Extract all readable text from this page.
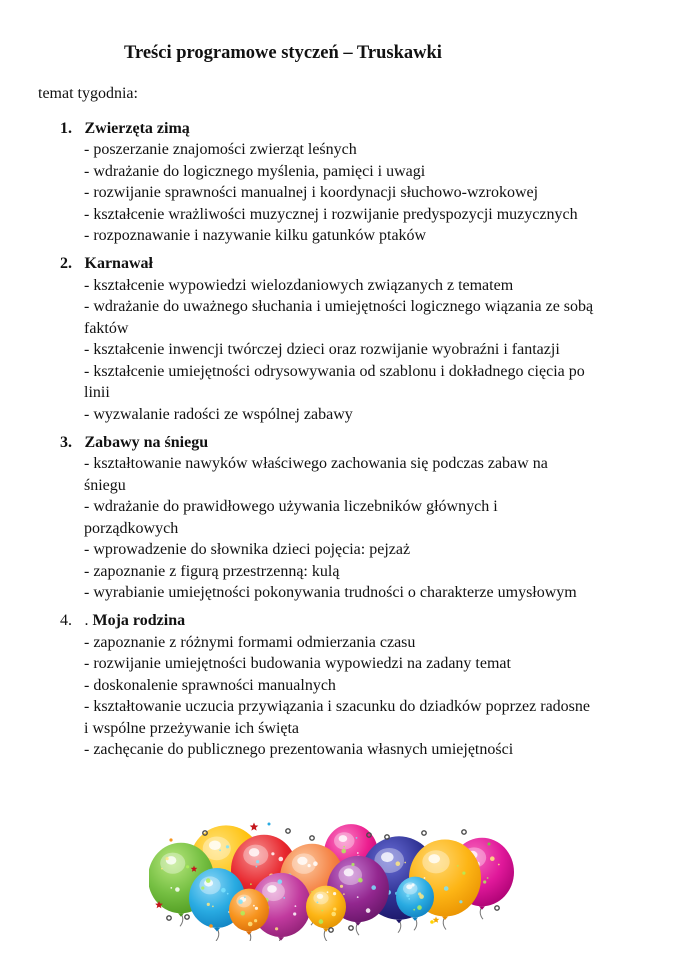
Treści programowe styczeń – Truskawki

temat tygodnia:

1. Zwierzęta zimą
- poszerzanie znajomości zwierząt leśnych
- wdrażanie do logicznego myślenia, pamięci i uwagi
- rozwijanie sprawności manualnej i koordynacji słuchowo-wzrokowej
- kształcenie wrażliwości muzycznej i rozwijanie predyspozycji muzycznych
- rozpoznawanie i nazywanie kilku gatunków ptaków
2. Karnawał
- kształcenie wypowiedzi wielozdaniowych związanych z tematem
- wdrażanie do uważnego słuchania i umiejętności logicznego wiązania ze sobą
faktów
- kształcenie inwencji twórczej dzieci oraz rozwijanie wyobraźni i fantazji
- kształcenie umiejętności odrysowywania od szablonu i dokładnego cięcia po
linii
- wyzwalanie radości ze wspólnej zabawy
3. Zabawy na śniegu
- kształtowanie nawyków właściwego zachowania się podczas zabaw na
śniegu
- wdrażanie do prawidłowego używania liczebników głównych i
porządkowych
- wprowadzenie do słownika dzieci pojęcia: pejzaż
- zapoznanie z figurą przestrzenną: kulą
- wyrabianie umiejętności pokonywania trudności o charakterze umysłowym
4. . Moja rodzina
- zapoznanie z różnymi formami odmierzania czasu
- rozwijanie umiejętności budowania wypowiedzi na zadany temat
- doskonalenie sprawności manualnych
- kształtowanie uczucia przywiązania i szacunku do dziadków poprzez radosne
i wspólne przeżywanie ich święta
- zachęcanie do publicznego prezentowania własnych umiejętności
